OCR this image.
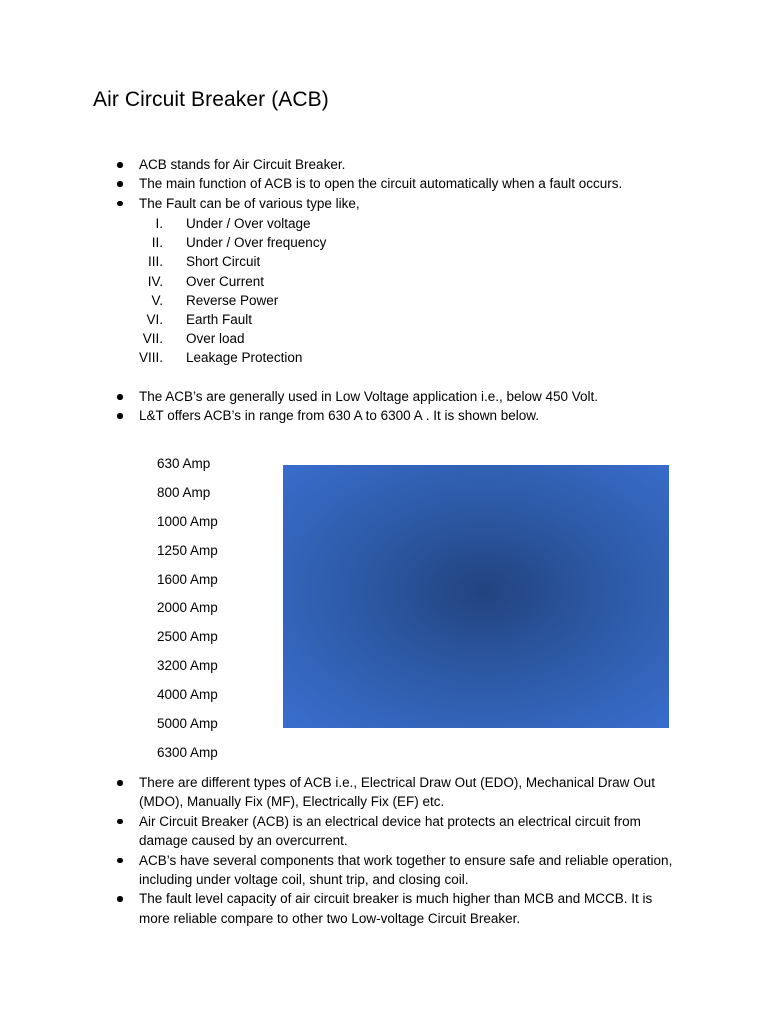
Air Circuit Breaker (ACB)
ACB stands for Air Circuit Breaker.
The main function of ACB is to open the circuit automatically when a fault occurs.
The Fault can be of various type like,
I. Under / Over voltage
II. Under / Over frequency
III. Short Circuit
IV. Over Current
V. Reverse Power
VI. Earth Fault
VII. Over load
VIII. Leakage Protection
The ACB’s are generally used in Low Voltage application i.e., below 450 Volt.
L&T offers ACB’s in range from 630 A to 6300 A . It is shown below.
630 Amp
800 Amp
1000 Amp
1250 Amp
1600 Amp
2000 Amp
2500 Amp
3200 Amp
4000 Amp
5000 Amp
6300 Amp
There are different types of ACB i.e., Electrical Draw Out (EDO), Mechanical Draw Out (MDO), Manually Fix (MF), Electrically Fix (EF) etc.
Air Circuit Breaker (ACB) is an electrical device hat protects an electrical circuit from damage caused by an overcurrent.
ACB’s have several components that work together to ensure safe and reliable operation, including under voltage coil, shunt trip, and closing coil.
The fault level capacity of air circuit breaker is much higher than MCB and MCCB. It is more reliable compare to other two Low-voltage Circuit Breaker.
